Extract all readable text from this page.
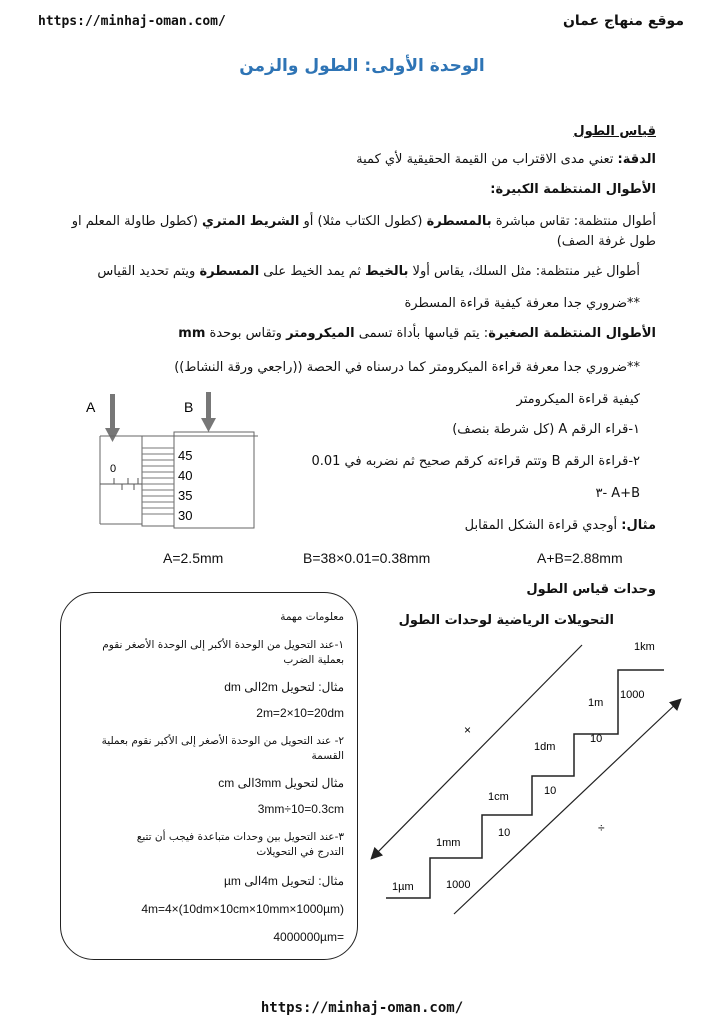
https://minhaj-oman.com/	موقع منهاج عمان
الوحدة الأولى: الطول والزمن
قياس الطول
الدقة: تعني مدى الاقتراب من القيمة الحقيقية لأي كمية
الأطوال المنتظمة الكبيرة:
أطوال منتظمة: تقاس مباشرة بالمسطرة (كطول الكتاب مثلا) أو الشريط المتري (كطول طاولة المعلم او
طول غرفة الصف)
أطوال غير منتظمة: مثل السلك، يقاس أولا بالخيط ثم يمد الخيط على المسطرة ويتم تحديد القياس
**ضروري جدا معرفة كيفية قراءة المسطرة
الأطوال المنتظمة الصغيرة: يتم قياسها بأداة تسمى الميكرومتر وتقاس بوحدة mm
**ضروري جدا معرفة قراءة الميكرومتر كما درسناه في الحصة ((راجعي ورقة النشاط))
كيفية قراءة الميكرومتر
١-قراء الرقم A (كل شرطة بنصف)
٢-قراءة الرقم B وتتم قراءته كرقم صحيح ثم نضربه في 0.01
A+B -٣
مثال: أوجدي قراءة الشكل المقابل
A	B
0
45
40
35
30
A=2.5mm	B=38×0.01=0.38mm	A+B=2.88mm
وحدات قياس الطول
التحويلات الرياضية لوحدات الطول
1µm
1mm
1cm
1dm
1m
1km
1000
10
10
10
1000
×
÷
معلومات مهمة
١-عند التحويل من الوحدة الأكبر إلى الوحدة الأصغر نقوم
بعملية الضرب
مثال: لتحويل 2mالى dm
2m=2×10=20dm
٢- عند التحويل من الوحدة الأصغر إلى الأكبر نقوم بعملية
القسمة
مثال لتحويل 3mmالى cm
3mm÷10=0.3cm
٣-عند التحويل بين وحدات متباعدة فيجب أن تتبع
التدرج في التحويلات
مثال: لتحويل 4mالى µm
4m=4×(10dm×10cm×10mm×1000µm)
=4000000µm
https://minhaj-oman.com/
